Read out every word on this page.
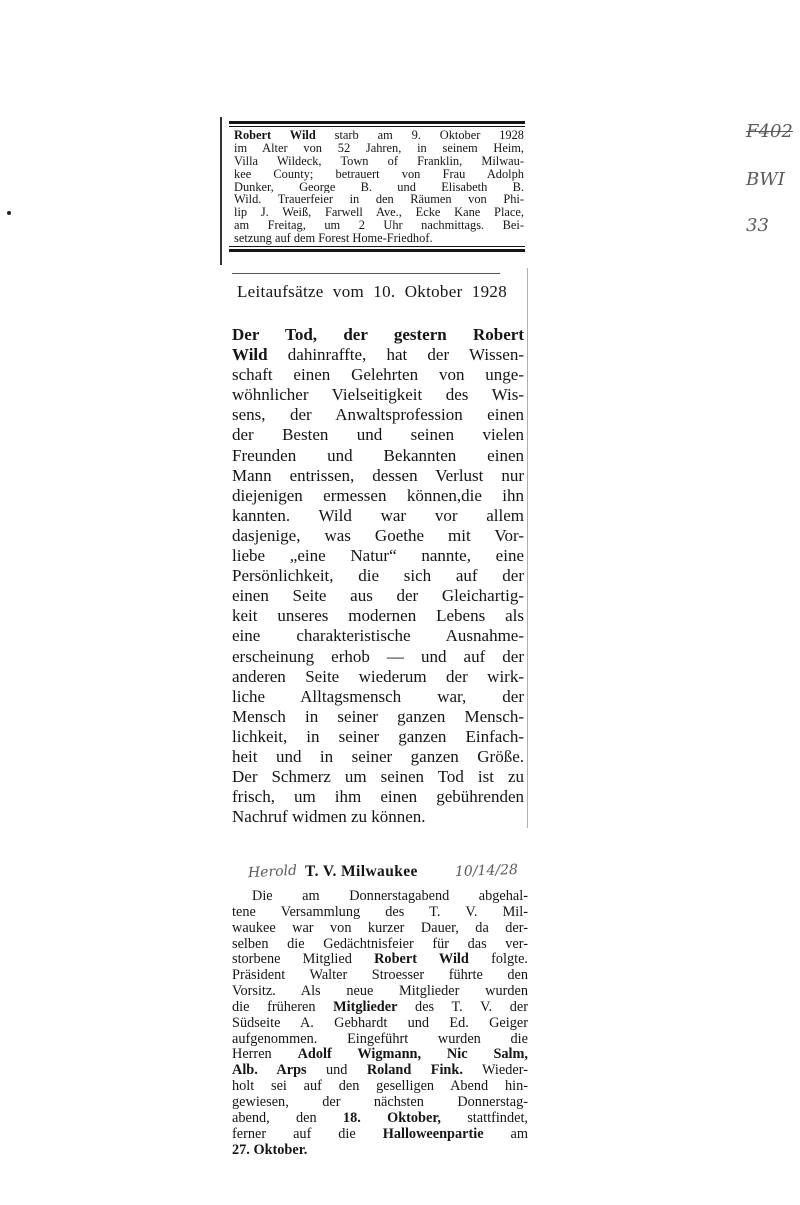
Robert Wild starb am 9. Oktober 1928
im Alter von 52 Jahren, in seinem Heim,
Villa Wildeck, Town of Franklin, Milwau-
kee County; betrauert von Frau Adolph
Dunker, George B. und Elisabeth B.
Wild. Trauerfeier in den Räumen von Phi-
lip J. Weiß, Farwell Ave., Ecke Kane Place,
am Freitag, um 2 Uhr nachmittags. Bei-
setzung auf dem Forest Home-Friedhof.
Leitaufsätze vom 10. Oktober 1928
Der Tod, der gestern Robert
Wild dahinraffte, hat der Wissen-
schaft einen Gelehrten von unge-
wöhnlicher Vielseitigkeit des Wis-
sens, der Anwaltsprofession einen
der Besten und seinen vielen
Freunden und Bekannten einen
Mann entrissen, dessen Verlust nur
diejenigen ermessen können,die ihn
kannten. Wild war vor allem
dasjenige, was Goethe mit Vor-
liebe „eine Natur“ nannte, eine
Persönlichkeit, die sich auf der
einen Seite aus der Gleichartig-
keit unseres modernen Lebens als
eine charakteristische Ausnahme-
erscheinung erhob — und auf der
anderen Seite wiederum der wirk-
liche Alltagsmensch war, der
Mensch in seiner ganzen Mensch-
lichkeit, in seiner ganzen Einfach-
heit und in seiner ganzen Größe.
Der Schmerz um seinen Tod ist zu
frisch, um ihm einen gebührenden
Nachruf widmen zu können.
Herold T. V. Milwaukee	10/14/28
Die am Donnerstagabend abgehal-
tene Versammlung des T. V. Mil-
waukee war von kurzer Dauer, da der-
selben die Gedächtnisfeier für das ver-
storbene Mitglied Robert Wild folgte.
Präsident Walter Stroesser führte den
Vorsitz. Als neue Mitglieder wurden
die früheren Mitglieder des T. V. der
Südseite A. Gebhardt und Ed. Geiger
aufgenommen. Eingeführt wurden die
Herren Adolf Wigmann, Nic Salm,
Alb. Arps und Roland Fink. Wieder-
holt sei auf den geselligen Abend hin-
gewiesen, der nächsten Donnerstag-
abend, den 18. Oktober, stattfindet,
ferner auf die Halloweenpartie am
27. Oktober.
F402
BWI
33
